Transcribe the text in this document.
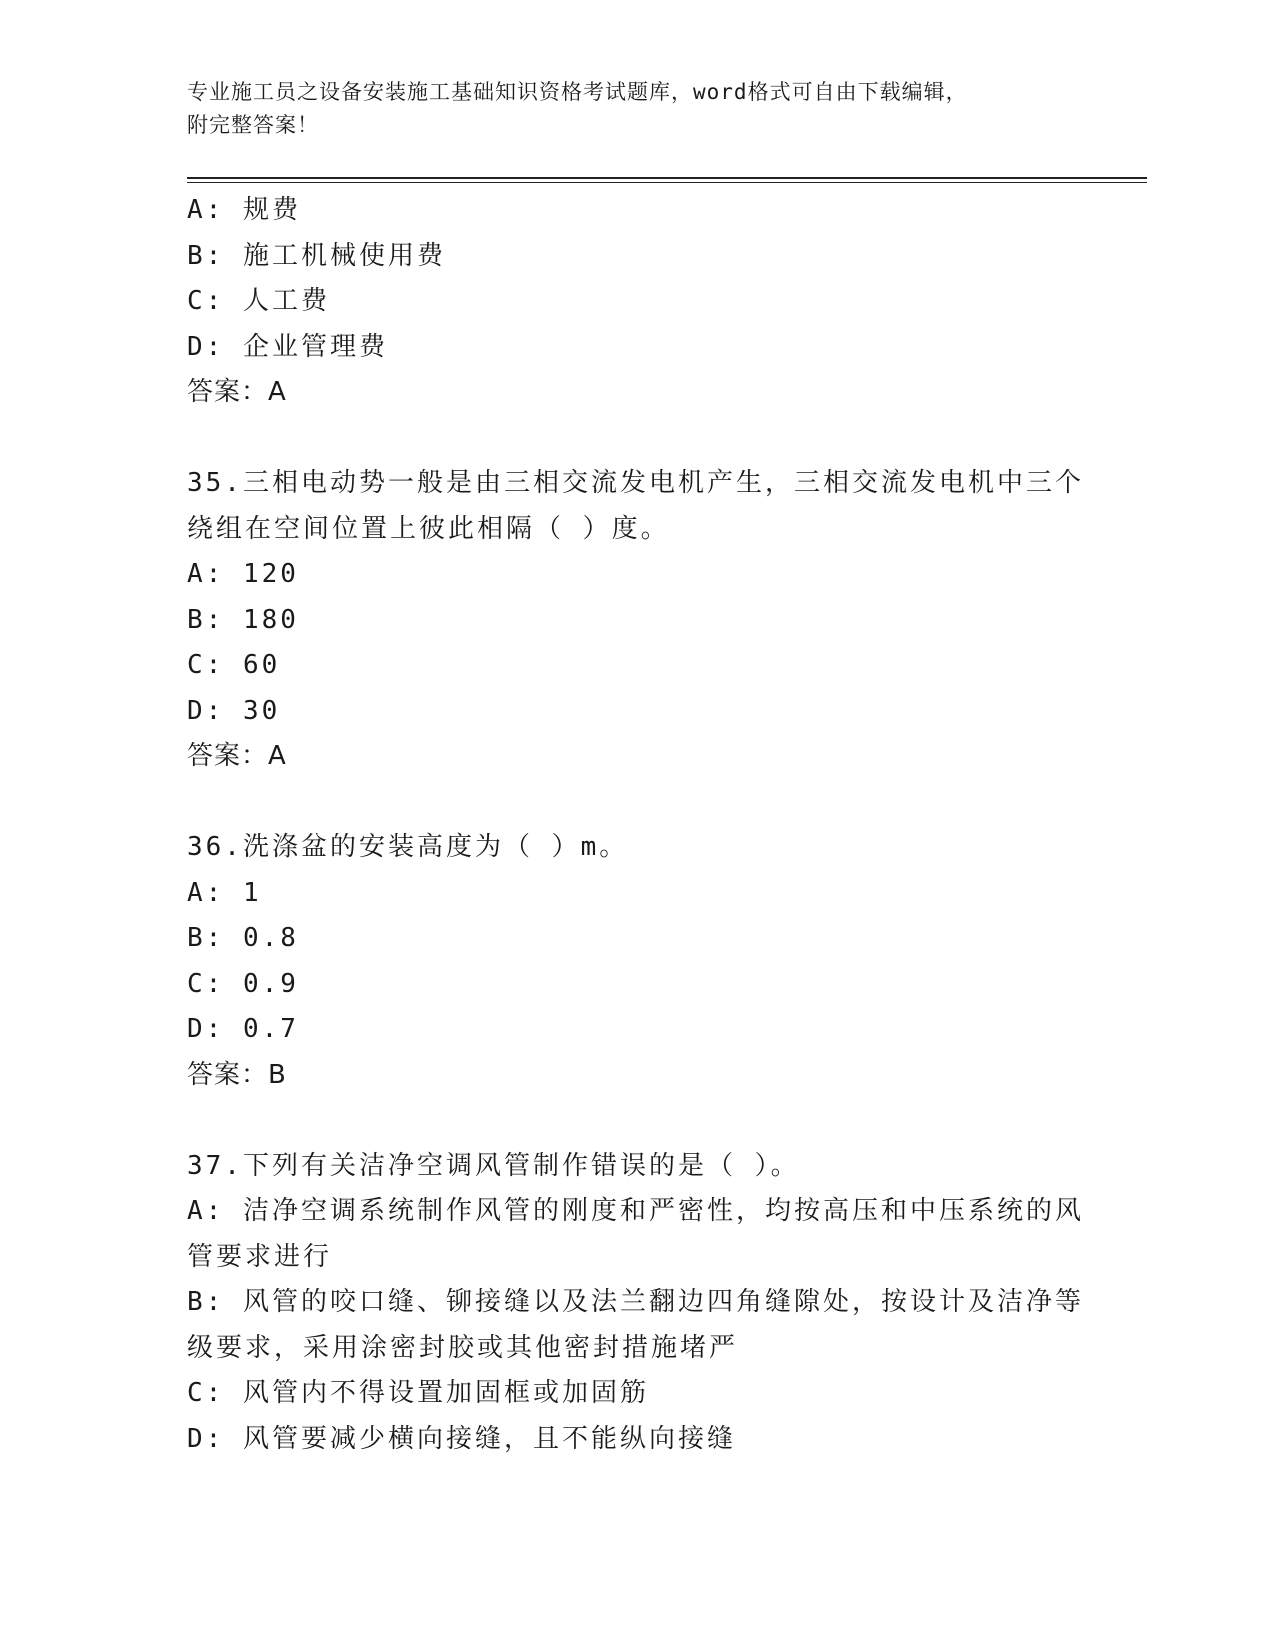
专业施工员之设备安装施工基础知识资格考试题库，word格式可自由下载编辑，
附完整答案！
A: 规费
B: 施工机械使用费
C: 人工费
D: 企业管理费
答案：A
35.三相电动势一般是由三相交流发电机产生，三相交流发电机中三个
绕组在空间位置上彼此相隔（ ）度。
A: 120
B: 180
C: 60
D: 30
答案：A
36.洗涤盆的安装高度为（ ）m。
A: 1
B: 0.8
C: 0.9
D: 0.7
答案：B
37.下列有关洁净空调风管制作错误的是（ ）。
A: 洁净空调系统制作风管的刚度和严密性，均按高压和中压系统的风
管要求进行
B: 风管的咬口缝、铆接缝以及法兰翻边四角缝隙处，按设计及洁净等
级要求，采用涂密封胶或其他密封措施堵严
C: 风管内不得设置加固框或加固筋
D: 风管要减少横向接缝，且不能纵向接缝
